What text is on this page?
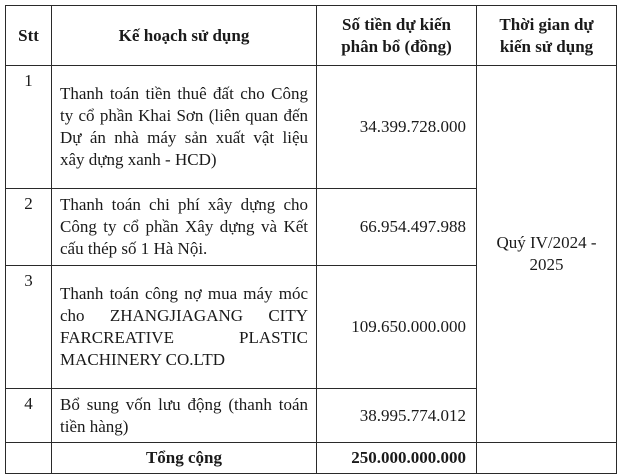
Stt	Kế hoạch sử dụng	Số tiền dự kiến phân bổ (đồng)	Thời gian dự kiến sử dụng
1	Thanh toán tiền thuê đất cho Công ty cổ phần Khai Sơn (liên quan đến Dự án nhà máy sản xuất vật liệu xây dựng xanh - HCD)	34.399.728.000	Quý IV/2024 - 2025
2	Thanh toán chi phí xây dựng cho Công ty cổ phần Xây dựng và Kết cấu thép số 1 Hà Nội.	66.954.497.988	
3	Thanh toán công nợ mua máy móc cho ZHANGJIAGANG CITY FARCREATIVE PLASTIC MACHINERY CO.LTD	109.650.000.000	
4	Bổ sung vốn lưu động (thanh toán tiền hàng)	38.995.774.012	
	Tổng cộng	250.000.000.000	
